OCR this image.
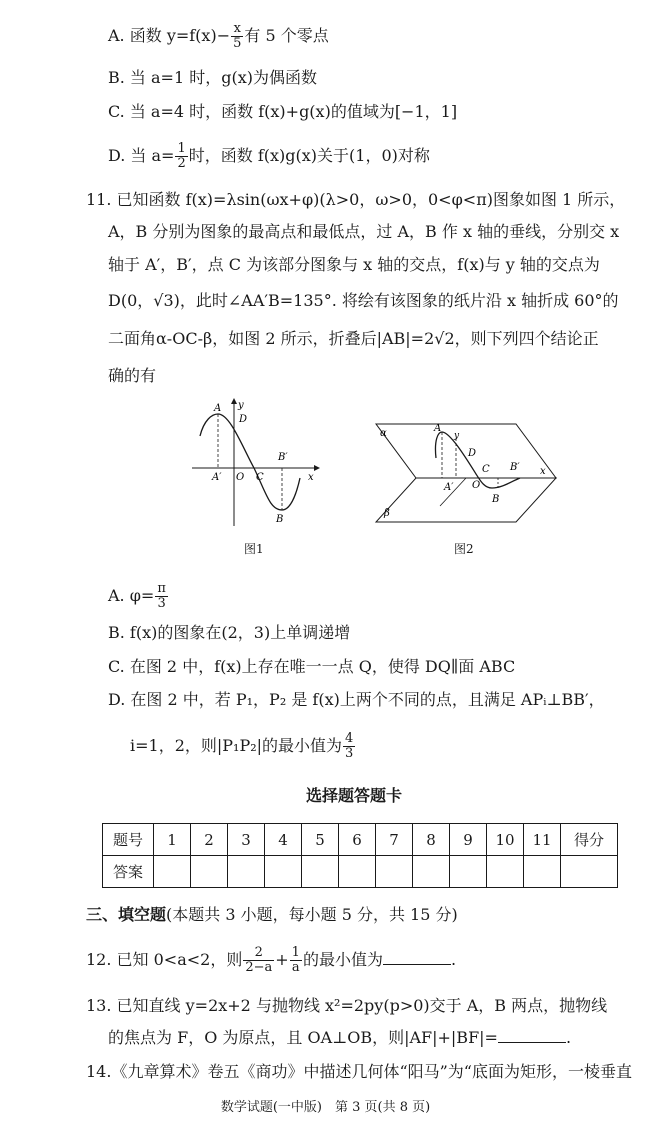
A. 函数 $y=f(x)- \frac{x}{5}$ 有 5 个零点
B. 当 a=1 时，g(x)为偶函数
C. 当 a=4 时，函数 f(x)+g(x)的值域为[−1，1]
D. 当 $a= \frac{1}{2}$ 时，函数 f(x)g(x)关于(1，0)对称
11. 已知函数 f(x)=λsin(ωx+φ)(λ>0，ω>0，0<φ<π)图象如图 1 所示，
A，B 分别为图象的最高点和最低点，过 A，B 作 x 轴的垂线，分别交 x
轴于 A′，B′，点 C 为该部分图象与 x 轴的交点，f(x)与 y 轴的交点为
D(0，√3)，此时∠AA′B=135°. 将绘有该图象的纸片沿 x 轴折成 60°的
二面角α-OC-β，如图 2 所示，折叠后|AB|=2√2，则下列四个结论正
确的有
A
D
A′ O C
B′
B
x
y
图1
α
β
A
y
D
C B′ x
A′ O
B
图2
A. $\varphi= \frac{\pi}{3}$
B. f(x)的图象在(2，3)上单调递增
C. 在图 2 中，f(x)上存在唯一一点 Q，使得 DQ∥面 ABC
D. 在图 2 中，若 P₁，P₂ 是 f(x)上两个不同的点，且满足 APᵢ⊥BB′，
i=1，2，则|P₁P₂|的最小值为 $\frac{4}{3}$
选择题答题卡
题号	1	2	3	4	5	6	7	8	9	10	11	得分
答案												
三、填空题(本题共 3 小题，每小题 5 分，共 15 分)
12. 已知 0<a<2，则 $\frac{2}{2-a} + \frac{1}{a}$ 的最小值为	.
13. 已知直线 y=2x+2 与抛物线 x²=2py(p>0)交于 A，B 两点，抛物线
的焦点为 F，O 为原点，且 OA⊥OB，则|AF|+|BF|=	.
14.《九章算术》卷五《商功》中描述几何体“阳马”为“底面为矩形，一棱垂直
数学试题(一中版)　第 3 页(共 8 页)
